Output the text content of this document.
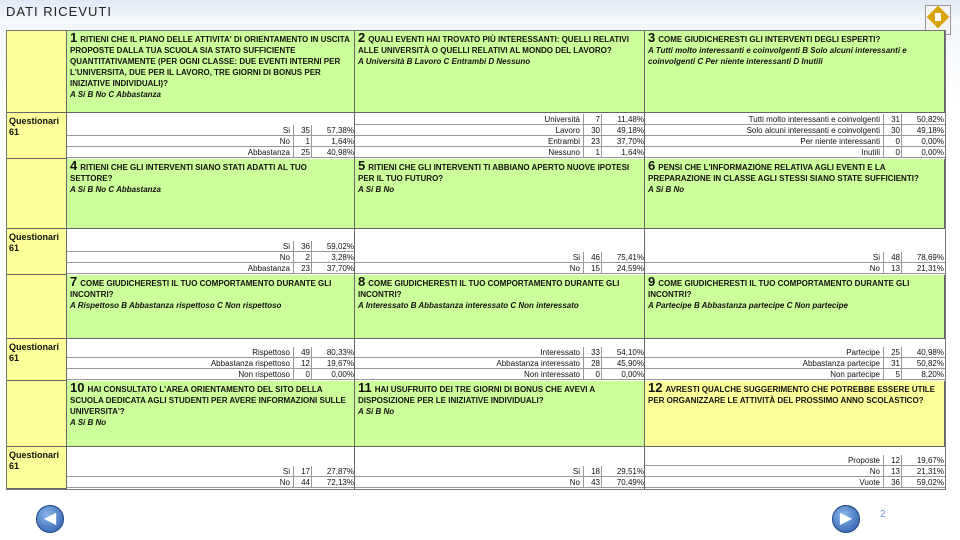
DATI RICEVUTI
Questionari
61
Questionari
61
Questionari
61
Questionari
61
1 RITIENI CHE IL PIANO DELLE ATTIVITA' DI ORIENTAMENTO IN USCITA PROPOSTE DALLA TUA SCUOLA SIA STATO SUFFICIENTE QUANTITATIVAMENTE (PER OGNI CLASSE: DUE EVENTI INTERNI PER L'UNIVERSITA, DUE PER IL LAVORO, TRE GIORNI DI BONUS PER INIZIATIVE INDIVIDUALI)?
A Si B No C Abbastanza
Si	35	57,38%
No	1	1,64%
Abbastanza	25	40,98%
2 QUALI EVENTI HAI TROVATO PIÙ INTERESSANTI: QUELLI RELATIVI ALLE UNIVERSITÀ O QUELLI RELATIVI AL MONDO DEL LAVORO?
A Università B Lavoro C Entrambi D Nessuno
Università	7	11,48%
Lavoro	30	49,18%
Entrambi	23	37,70%
Nessuno	1	1,64%
3 COME GIUDICHERESTI GLI INTERVENTI DEGLI ESPERTI?
A Tutti molto interessanti e coinvolgenti B Solo alcuni interessanti e coinvolgenti C Per niente interessanti D Inutili
Tutti molto interessanti e coinvolgenti	31	50,82%
Solo alcuni interessanti e coinvolgenti	30	49,18%
Per niente interessanti	0	0,00%
Inutili	0	0,00%
4 RITIENI CHE GLI INTERVENTI SIANO STATI ADATTI AL TUO SETTORE?
A Si B No C Abbastanza
Si	36	59,02%
No	2	3,28%
Abbastanza	23	37,70%
5 RITIENI CHE GLI INTERVENTI TI ABBIANO APERTO NUOVE IPOTESI PER IL TUO FUTURO?
A Si B No
Si	46	75,41%
No	15	24,59%
6 PENSI CHE L'INFORMAZIONE RELATIVA AGLI EVENTI E LA PREPARAZIONE IN CLASSE AGLI STESSI SIANO STATE SUFFICIENTI?
A Si B No
Si	48	78,69%
No	13	21,31%
7 COME GIUDICHERESTI IL TUO COMPORTAMENTO DURANTE GLI INCONTRI?
A Rispettoso B Abbastanza rispettoso C Non rispettoso
Rispettoso	49	80,33%
Abbastanza rispettoso	12	19,67%
Non rispettoso	0	0,00%
8 COME GIUDICHERESTI IL TUO COMPORTAMENTO DURANTE GLI INCONTRI?
A Interessato B Abbastanza interessato C Non interessato
Interessato	33	54,10%
Abbastanza interessato	28	45,90%
Non interessato	0	0,00%
9 COME GIUDICHERESTI IL TUO COMPORTAMENTO DURANTE GLI INCONTRI?
A Partecipe B Abbastanza partecipe C Non partecipe
Partecipe	25	40,98%
Abbastanza partecipe	31	50,82%
Non partecipe	5	8,20%
10 HAI CONSULTATO L'AREA ORIENTAMENTO DEL SITO DELLA SCUOLA DEDICATA AGLI STUDENTI PER AVERE INFORMAZIONI SULLE UNIVERSITA'?
A Si B No
Si	17	27,87%
No	44	72,13%
11 HAI USUFRUITO DEI TRE GIORNI DI BONUS CHE AVEVI A DISPOSIZIONE PER LE INIZIATIVE INDIVIDUALI?
A Si B No
Si	18	29,51%
No	43	70,49%
12 AVRESTI QUALCHE SUGGERIMENTO CHE POTREBBE ESSERE UTILE PER ORGANIZZARE LE ATTIVITÀ DEL PROSSIMO ANNO SCOLASTICO?
Proposte	12	19,67%
No	13	21,31%
Vuote	36	59,02%
◀	▶	2
